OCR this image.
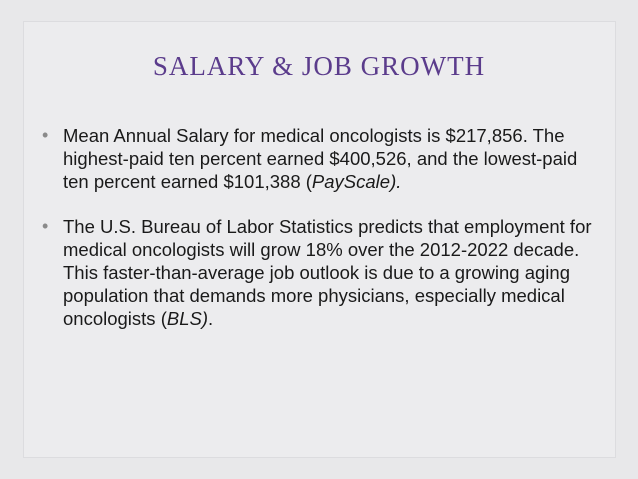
SALARY & JOB GROWTH
• Mean Annual Salary for medical oncologists is $217,856. The highest-paid ten percent earned $400,526, and the lowest-paid ten percent earned $101,388 (PayScale).
• The U.S. Bureau of Labor Statistics predicts that employment for medical oncologists will grow 18% over the 2012-2022 decade. This faster-than-average job outlook is due to a growing aging population that demands more physicians, especially medical oncologists (BLS).
